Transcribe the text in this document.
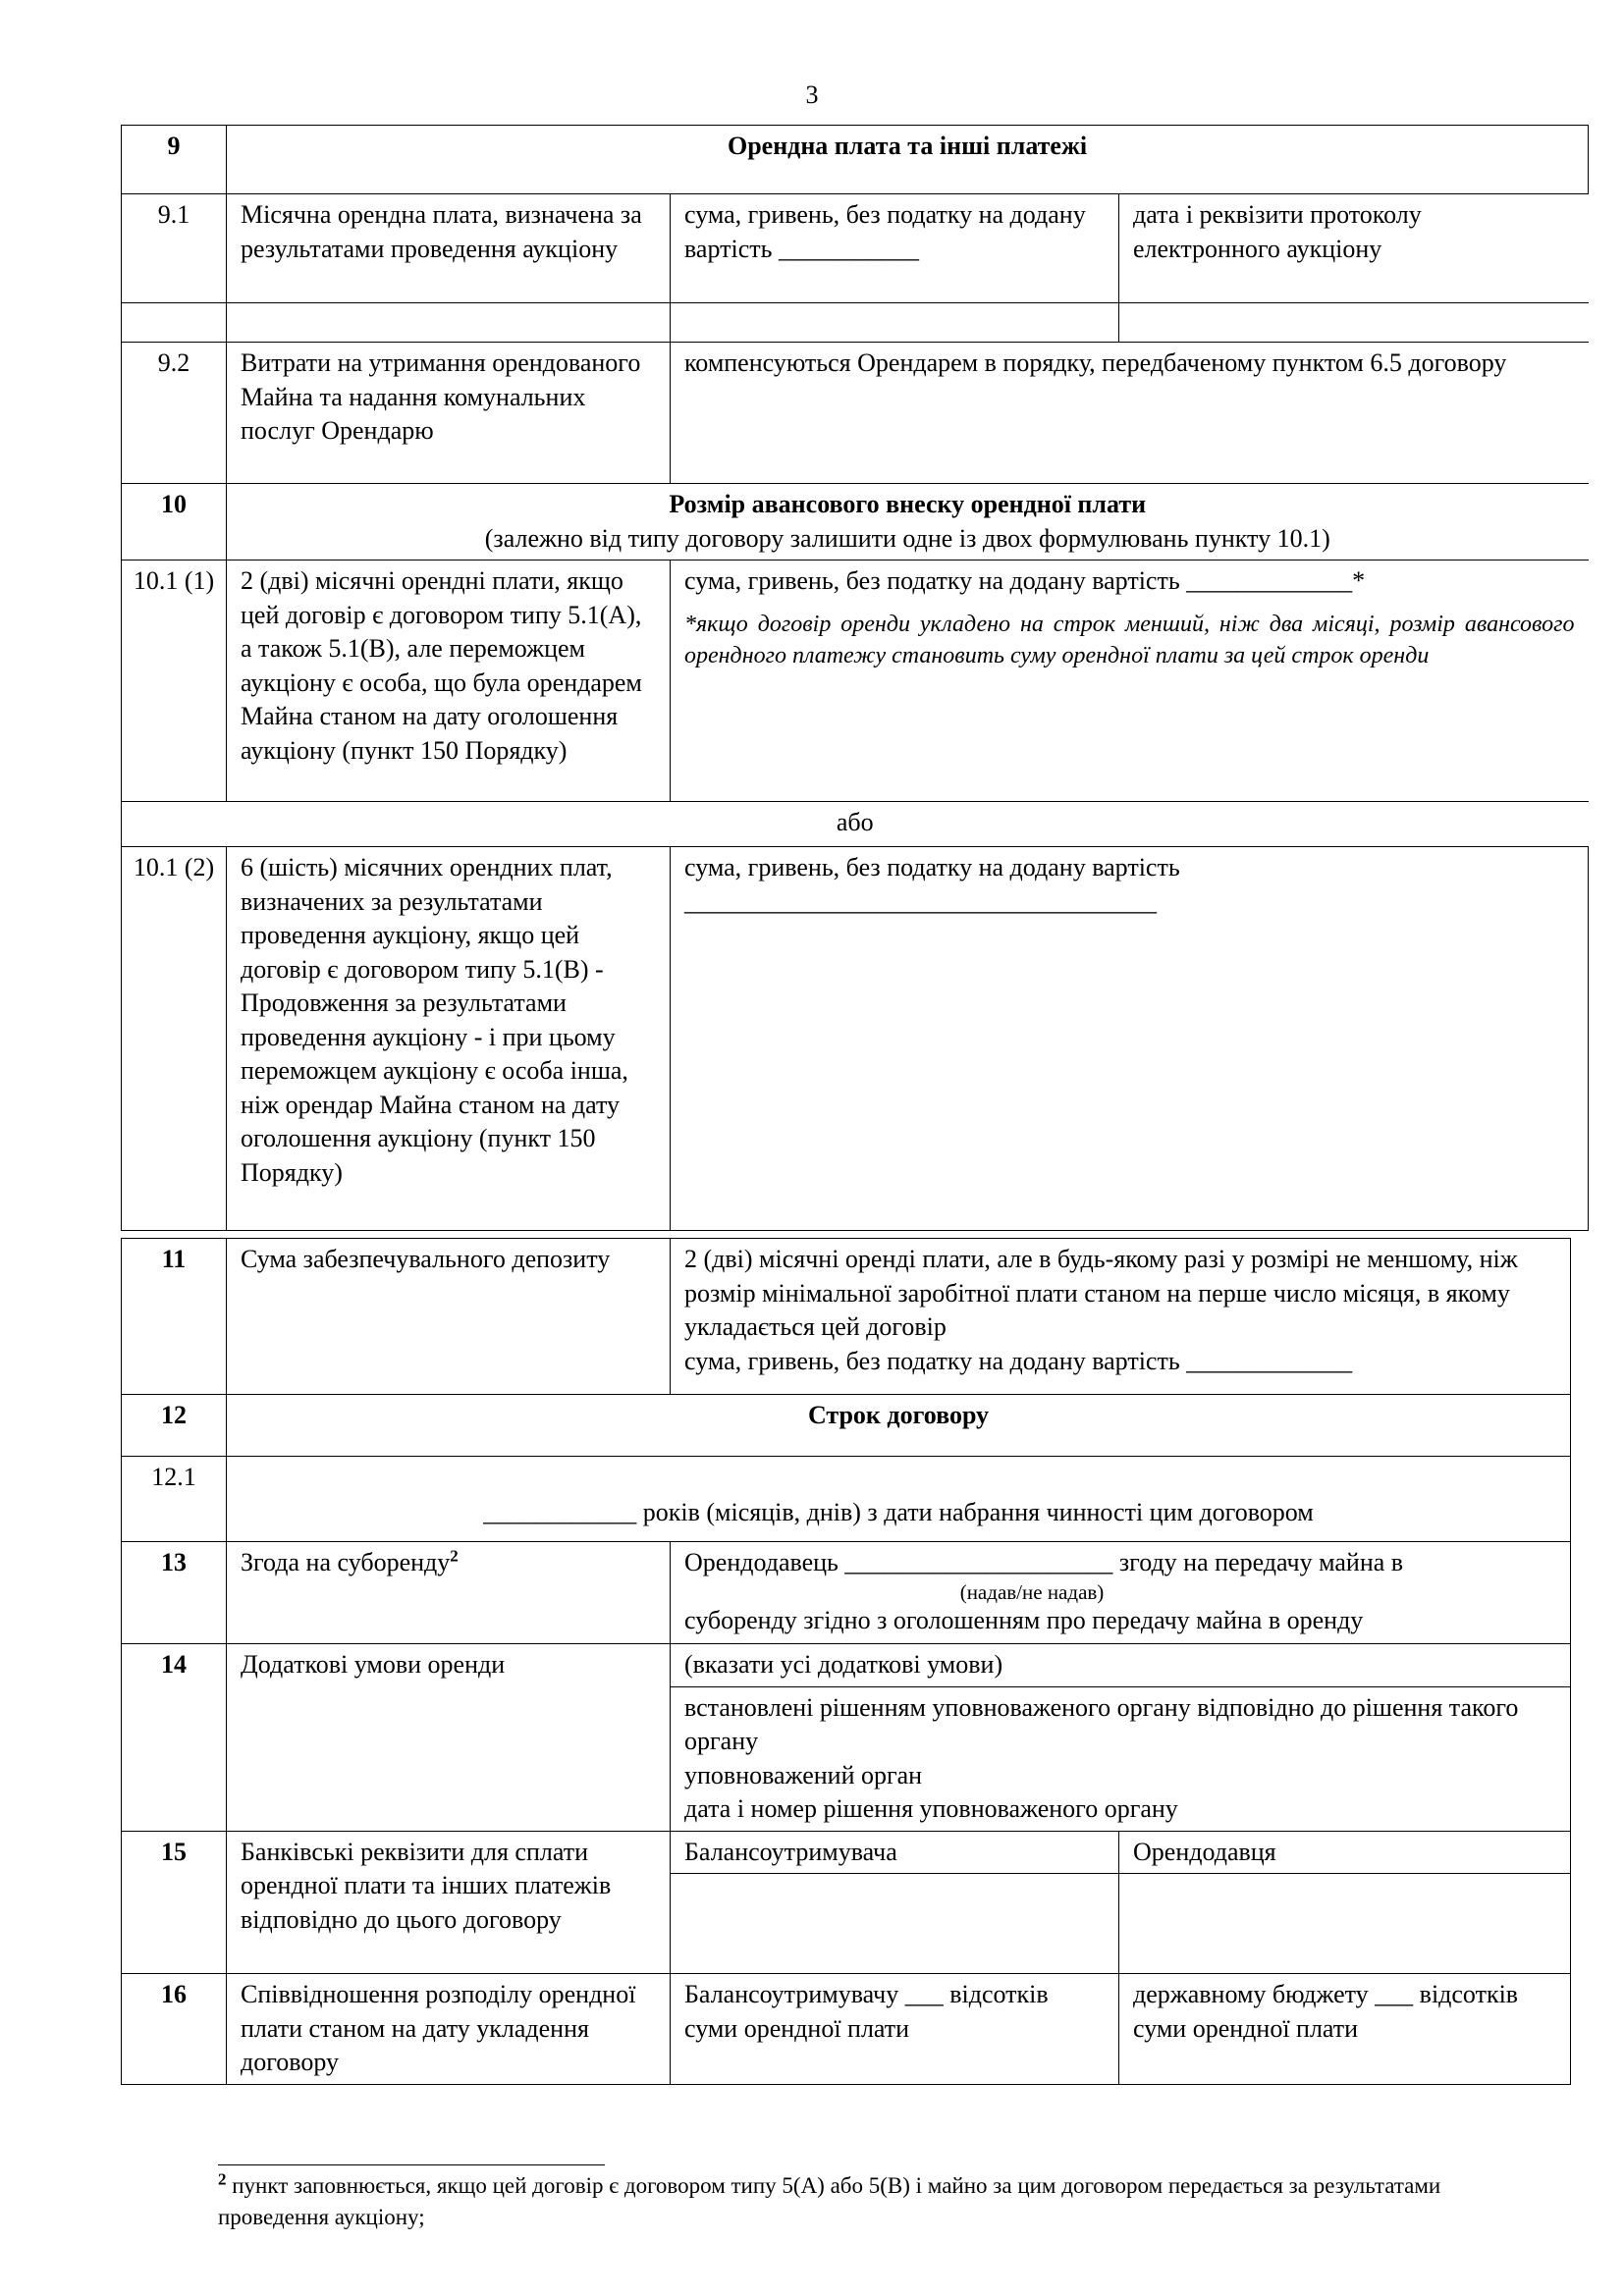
3
9	Орендна плата та інші платежі		
9.1	Місячна орендна плата, визначена за результатами проведення аукціону	сума, гривень, без податку на додану вартість ___________	дата і реквізити протоколу електронного аукціону

9.2	Витрати на утримання орендованого Майна та надання комунальних послуг Орендарю	компенсуються Орендарем в порядку, передбаченому пунктом 6.5 договору	
10	Розмір авансового внеску орендної плати
(залежно від типу договору залишити одне із двох формулювань пункту 10.1)		
10.1 (1)	2 (дві) місячні орендні плати, якщо цей договір є договором типу 5.1(А), а також 5.1(В), але переможцем аукціону є особа, що була орендарем Майна станом на дату оголошення аукціону (пункт 150 Порядку)	сума, гривень, без податку на додану вартість _____________*
*якщо договір оренди укладено на строк менший, ніж два місяці, розмір авансового орендного платежу становить суму орендної плати за цей строк оренди	

або			
10.1 (2)	6 (шість) місячних орендних плат, визначених за результатами проведення аукціону, якщо цей договір є договором типу 5.1(В) - Продовження за результатами проведення аукціону - і при цьому переможцем аукціону є особа інша, ніж орендар Майна станом на дату оголошення аукціону (пункт 150 Порядку)	сума, гривень, без податку на додану вартість
_____________________________________	
11	Сума забезпечувального депозиту	2 (дві) місячні оренді плати, але в будь-якому разі у розмірі не меншому, ніж розмір мінімальної заробітної плати станом на перше число місяця, в якому укладається цей договір
сума, гривень, без податку на додану вартість _____________	
12	Строк договору		
12.1	____________ років (місяців, днів) з дати набрання чинності цим договором		
13	Згода на суборенду$^2$	Орендодавець _____________________ згоду на передачу майна в
(надав/не надав)
суборенду згідно з оголошенням про передачу майна в оренду	
14	Додаткові умови оренди	(вказати усі додаткові умови)	
		встановлені рішенням уповноваженого органу відповідно до рішення такого органу
уповноважений орган
дата і номер рішення уповноваженого органу	
15	Банківські реквізити для сплати орендної плати та інших платежів відповідно до цього договору	Балансоутримувача	Орендодавця

16	Співвідношення розподілу орендної плати станом на дату укладення договору	Балансоутримувачу ___ відсотків суми орендної плати	державному бюджету ___ відсотків суми орендної плати
$^2$ пункт заповнюється, якщо цей договір є договором типу 5(А) або 5(В) і майно за цим договором передається за результатами проведення аукціону;
